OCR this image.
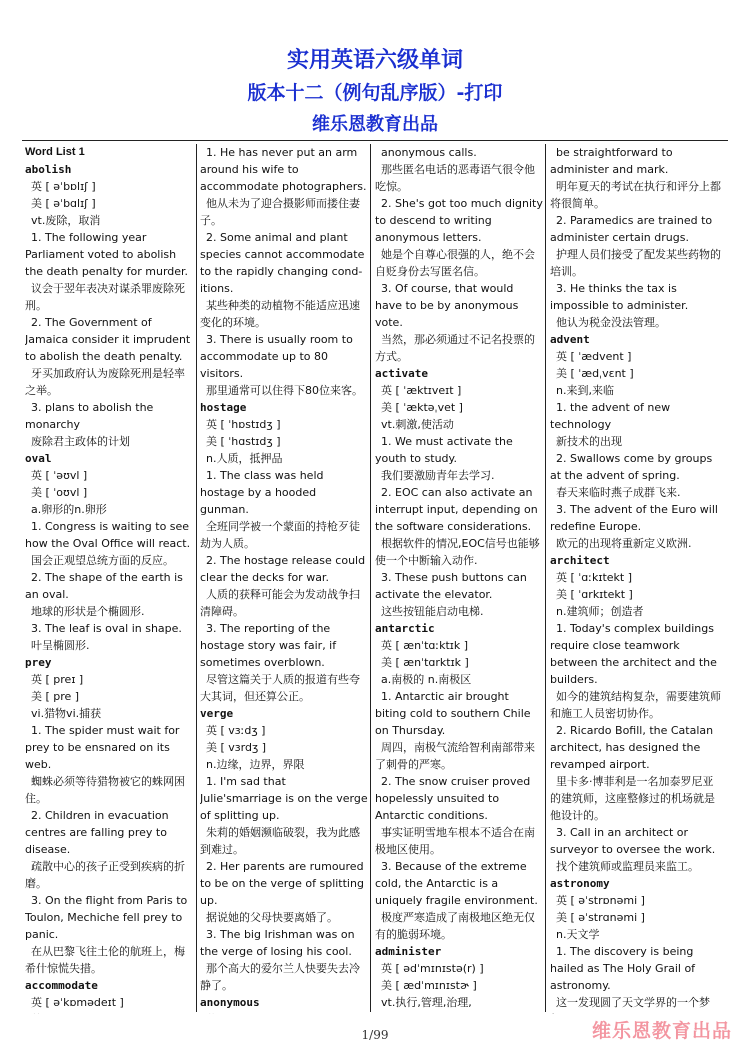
实用英语六级单词
版本十二（例句乱序版）-打印
维乐恩教育出品
Word List 1
abolish
英 [ əˈbɒlɪʃ ]
美 [ əˈbɑlɪʃ ]
vt.废除，取消
1. The following year Parliament voted to abolish the death penalty for murder.
议会于翌年表决对谋杀罪废除死刑。
2. The Government of Jamaica consider it imprudent to abolish the death penalty.
牙买加政府认为废除死刑是轻率之举。
3. plans to abolish the monarchy
废除君主政体的计划
oval
英 [ ˈəʊvl ]
美 [ ˈoʊvl ]
a.卵形的n.卵形
1. Congress is waiting to see how the Oval Office will react.
国会正观望总统方面的反应。
2. The shape of the earth is an oval.
地球的形状是个椭圆形.
3. The leaf is oval in shape.
叶呈椭圆形.
prey
英 [ preɪ ]
美 [ pre ]
vi.猎物vi.捕获
1. The spider must wait for prey to be ensnared on its web.
蜘蛛必须等待猎物被它的蛛网困住。
2. Children in evacuation centres are falling prey to disease.
疏散中心的孩子正受到疾病的折磨。
3. On the flight from Paris to Toulon, Mechiche fell prey to panic.
在从巴黎飞往土伦的航班上，梅希什惊慌失措。
accommodate
英 [ əˈkɒmədeɪt ]
1. He has never put an arm around his wife to accommodate photographers.
他从未为了迎合摄影师而搂住妻子。
2. Some animal and plant species cannot accommodate to the rapidly changing cond-itions.
某些种类的动植物不能适应迅速变化的环境。
3. There is usually room to accommodate up to 80 visitors.
那里通常可以住得下80位来客。
hostage
英 [ ˈhɒstɪdʒ ]
美 [ ˈhɑstɪdʒ ]
n.人质，抵押品
1. The class was held hostage by a hooded gunman.
全班同学被一个蒙面的持枪歹徒劫为人质。
2. The hostage release could clear the decks for war.
人质的获释可能会为发动战争扫清障碍。
3. The reporting of the hostage story was fair, if sometimes overblown.
尽管这篇关于人质的报道有些夸大其词，但还算公正。
verge
英 [ vɜːdʒ ]
美 [ vɜrdʒ ]
n.边缘，边界，界限
1. I'm sad that Julie'smarriage is on the verge of splitting up.
朱莉的婚姻濒临破裂，我为此感到难过。
2. Her parents are rumoured to be on the verge of splitting up.
据说她的父母快要离婚了。
3. The big Irishman was on the verge of losing his cool.
那个高大的爱尔兰人快要失去冷静了。
anonymous
anonymous calls.
那些匿名电话的恶毒语气很令他吃惊。
2. She's got too much dignity to descend to writing anonymous letters.
她是个自尊心很强的人，绝不会自贬身份去写匿名信。
3. Of course, that would have to be by anonymous vote.
当然，那必须通过不记名投票的方式。
activate
英 [ ˈæktɪveɪt ]
美 [ ˈæktəˌvet ]
vt.刺激,使活动
1. We must activate the youth to study.
我们要激励青年去学习.
2. EOC can also activate an interrupt input, depending on the software considerations.
根据软件的情况,EOC信号也能够使一个中断输入动作.
3. These push buttons can activate the elevator.
这些按钮能启动电梯.
antarctic
英 [ ænˈtɑːktɪk ]
美 [ ænˈtɑrktɪk ]
a.南极的 n.南极区
1. Antarctic air brought biting cold to southern Chile on Thursday.
周四，南极气流给智利南部带来了刺骨的严寒。
2. The snow cruiser proved hopelessly unsuited to Antarctic conditions.
事实证明雪地车根本不适合在南极地区使用。
3. Because of the extreme cold, the Antarctic is a uniquely fragile environment.
极度严寒造成了南极地区绝无仅有的脆弱环境。
administer
英 [ ədˈmɪnɪstə(r) ]
美 [ ædˈmɪnɪstɚ ]
vt.执行,管理,治理,
be straightforward to administer and mark.
明年夏天的考试在执行和评分上都将很简单。
2. Paramedics are trained to administer certain drugs.
护理人员们接受了配发某些药物的培训。
3. He thinks the tax is impossible to administer.
他认为税金没法管理。
advent
英 [ ˈædvent ]
美 [ ˈædˌvɛnt ]
n.来到,来临
1. the advent of new technology
新技术的出现
2. Swallows come by groups at the advent of spring.
春天来临时燕子成群飞来.
3. The advent of the Euro will redefine Europe.
欧元的出现将重新定义欧洲.
architect
英 [ ˈɑːkɪtekt ]
美 [ ˈɑrkɪtekt ]
n.建筑师；创造者
1. Today's complex buildings require close teamwork between the architect and the builders.
如今的建筑结构复杂，需要建筑师和施工人员密切协作。
2. Ricardo Bofill, the Catalan architect, has designed the revamped airport.
里卡多·博菲利是一名加泰罗尼亚的建筑师，这座整修过的机场就是他设计的。
3. Call in an architect or surveyor to oversee the work.
找个建筑师或监理员来监工。
astronomy
英 [ əˈstrɒnəmi ]
美 [ əˈstrɑnəmi ]
n.天文学
1. The discovery is being hailed as The Holy Grail of astronomy.
这一发现圆了天文学界的一个梦
1/99	维乐恩教育出品
